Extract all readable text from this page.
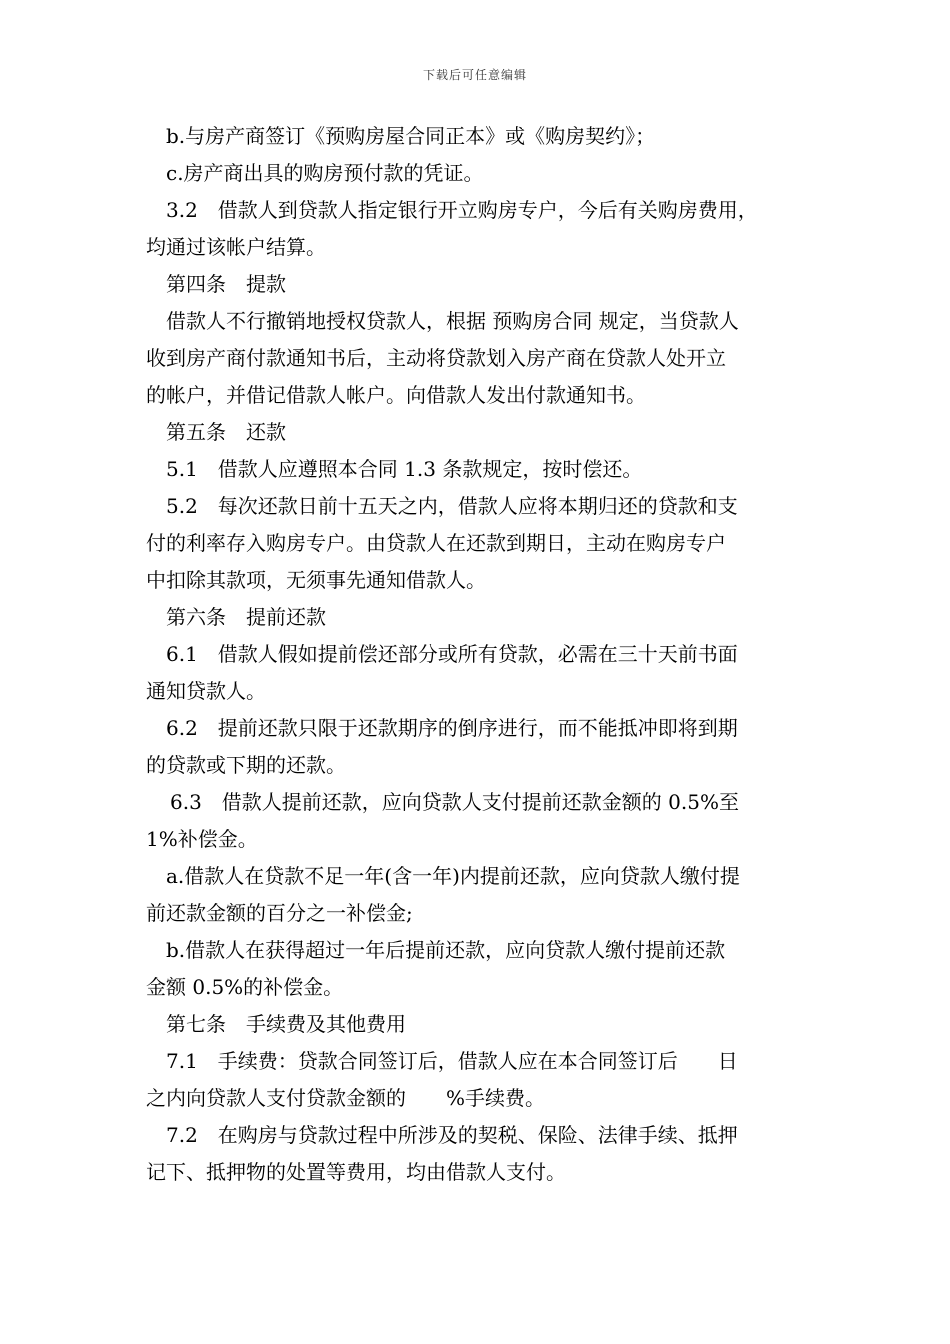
下载后可任意编辑
b.与房产商签订《预购房屋合同正本》或《购房契约》；
c.房产商出具的购房预付款的凭证。
3.2　借款人到贷款人指定银行开立购房专户，今后有关购房费用，
均通过该帐户结算。
第四条　提款
借款人不行撤销地授权贷款人，根据 预购房合同 规定，当贷款人
收到房产商付款通知书后，主动将贷款划入房产商在贷款人处开立
的帐户，并借记借款人帐户。向借款人发出付款通知书。
第五条　还款
5.1　借款人应遵照本合同 1.3 条款规定，按时偿还。
5.2　每次还款日前十五天之内，借款人应将本期归还的贷款和支
付的利率存入购房专户。由贷款人在还款到期日，主动在购房专户
中扣除其款项，无须事先通知借款人。
第六条　提前还款
6.1　借款人假如提前偿还部分或所有贷款，必需在三十天前书面
通知贷款人。
6.2　提前还款只限于还款期序的倒序进行，而不能抵冲即将到期
的贷款或下期的还款。
6.3　借款人提前还款，应向贷款人支付提前还款金额的 0.5%至
1%补偿金。
a.借款人在贷款不足一年(含一年)内提前还款，应向贷款人缴付提
前还款金额的百分之一补偿金;
b.借款人在获得超过一年后提前还款，应向贷款人缴付提前还款
金额 0.5%的补偿金。
第七条　手续费及其他费用
7.1　手续费：贷款合同签订后，借款人应在本合同签订后　　日
之内向贷款人支付贷款金额的　　%手续费。
7.2　在购房与贷款过程中所涉及的契税、保险、法律手续、抵押
记下、抵押物的处置等费用，均由借款人支付。
